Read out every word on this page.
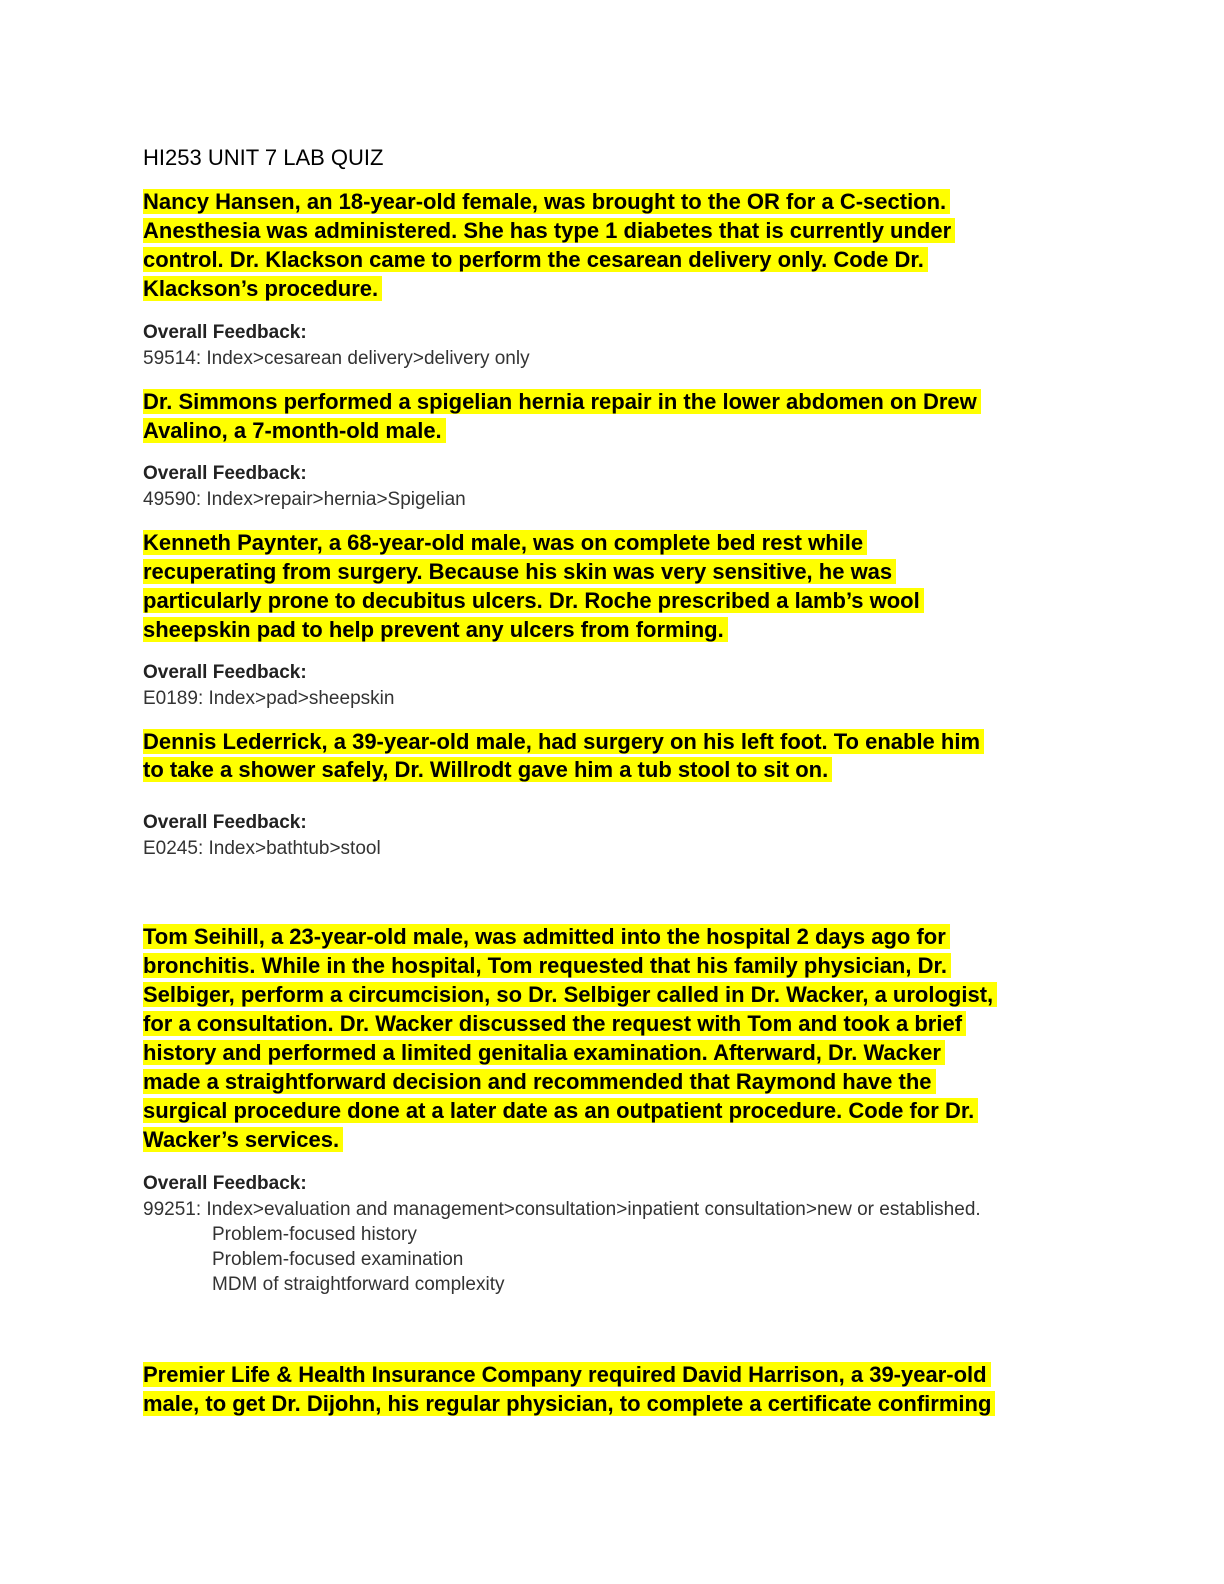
HI253 UNIT 7 LAB QUIZ
Nancy Hansen, an 18-year-old female, was brought to the OR for a C-section.
Anesthesia was administered. She has type 1 diabetes that is currently under
control. Dr. Klackson came to perform the cesarean delivery only. Code Dr.
Klackson’s procedure.
Overall Feedback:
59514: Index>cesarean delivery>delivery only
Dr. Simmons performed a spigelian hernia repair in the lower abdomen on Drew
Avalino, a 7-month-old male.
Overall Feedback:
49590: Index>repair>hernia>Spigelian
Kenneth Paynter, a 68-year-old male, was on complete bed rest while
recuperating from surgery. Because his skin was very sensitive, he was
particularly prone to decubitus ulcers. Dr. Roche prescribed a lamb’s wool
sheepskin pad to help prevent any ulcers from forming.
Overall Feedback:
E0189: Index>pad>sheepskin
Dennis Lederrick, a 39-year-old male, had surgery on his left foot. To enable him
to take a shower safely, Dr. Willrodt gave him a tub stool to sit on.
Overall Feedback:
E0245: Index>bathtub>stool
Tom Seihill, a 23-year-old male, was admitted into the hospital 2 days ago for
bronchitis. While in the hospital, Tom requested that his family physician, Dr.
Selbiger, perform a circumcision, so Dr. Selbiger called in Dr. Wacker, a urologist,
for a consultation. Dr. Wacker discussed the request with Tom and took a brief
history and performed a limited genitalia examination. Afterward, Dr. Wacker
made a straightforward decision and recommended that Raymond have the
surgical procedure done at a later date as an outpatient procedure. Code for Dr.
Wacker’s services.
Overall Feedback:
99251: Index>evaluation and management>consultation>inpatient consultation>new or established.
Problem-focused history
Problem-focused examination
MDM of straightforward complexity
Premier Life & Health Insurance Company required David Harrison, a 39-year-old
male, to get Dr. Dijohn, his regular physician, to complete a certificate confirming
